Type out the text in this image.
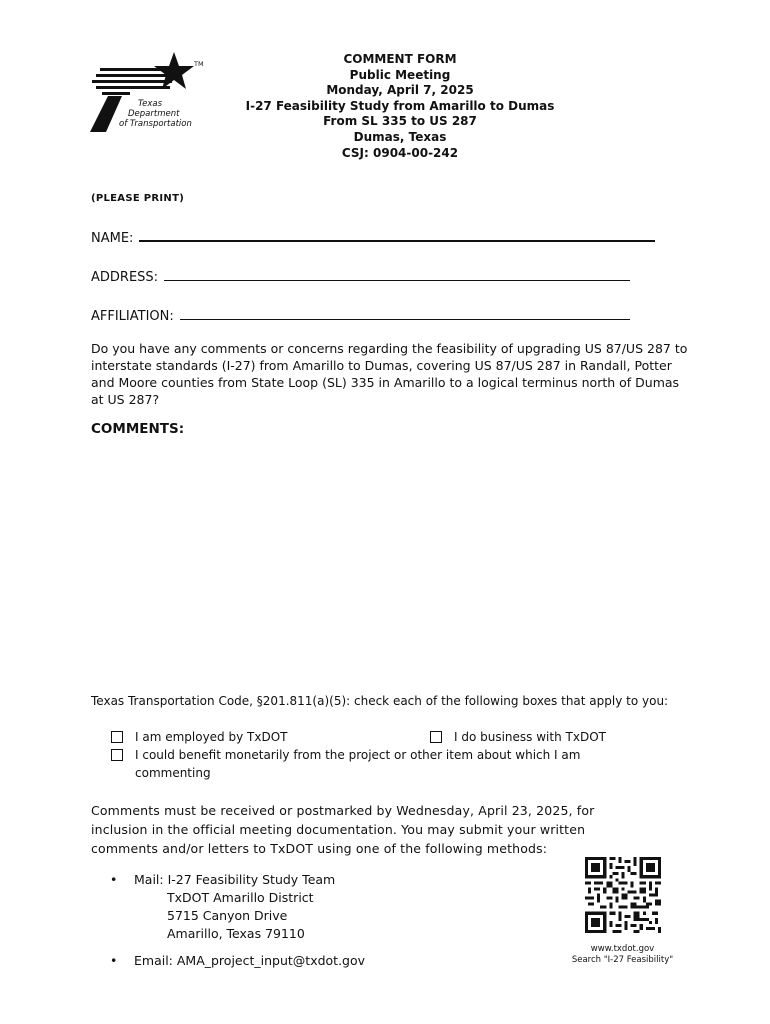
Texas
Department
of Transportation
TM	COMMENT FORM
Public Meeting
Monday, April 7, 2025
I-27 Feasibility Study from Amarillo to Dumas
From SL 335 to US 287
Dumas, Texas
CSJ: 0904-00-242
(PLEASE PRINT)
NAME:
ADDRESS:
AFFILIATION:
Do you have any comments or concerns regarding the feasibility of upgrading US 87/US 287 to interstate standards (I-27) from Amarillo to Dumas, covering US 87/US 287 in Randall, Potter and Moore counties from State Loop (SL) 335 in Amarillo to a logical terminus north of Dumas at US 287?
COMMENTS:
Texas Transportation Code, §201.811(a)(5): check each of the following boxes that apply to you:
I am employed by TxDOT	I do business with TxDOT
I could benefit monetarily from the project or other item about which I am commenting
Comments must be received or postmarked by Wednesday, April 23, 2025, for inclusion in the official meeting documentation. You may submit your written comments and/or letters to TxDOT using one of the following methods:
• Mail: I-27 Feasibility Study Team
TxDOT Amarillo District
5715 Canyon Drive
Amarillo, Texas 79110
• Email: AMA_project_input@txdot.gov
www.txdot.gov
Search "I-27 Feasibility"
